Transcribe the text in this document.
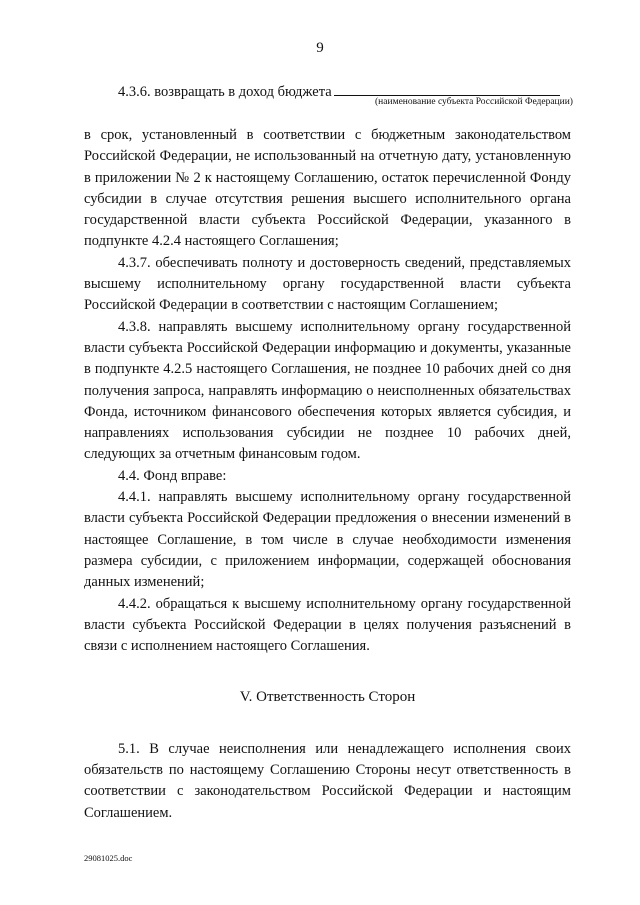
9
(наименование субъекта Российской Федерации)
4.3.6. возвращать в доход бюджета

в срок, установленный в соответствии с бюджетным законодательством Российской Федерации, не использованный на отчетную дату, установленную в приложении № 2 к настоящему Соглашению, остаток перечисленной Фонду субсидии в случае отсутствия решения высшего исполнительного органа государственной власти субъекта Российской Федерации, указанного в подпункте 4.2.4 настоящего Соглашения;

4.3.7. обеспечивать полноту и достоверность сведений, представляемых высшему исполнительному органу государственной власти субъекта Российской Федерации в соответствии с настоящим Соглашением;

4.3.8. направлять высшему исполнительному органу государственной власти субъекта Российской Федерации информацию и документы, указанные в подпункте 4.2.5 настоящего Соглашения, не позднее 10 рабочих дней со дня получения запроса, направлять информацию о неисполненных обязательствах Фонда, источником финансового обеспечения которых является субсидия, и направлениях использования субсидии не позднее 10 рабочих дней, следующих за отчетным финансовым годом.

4.4. Фонд вправе:

4.4.1. направлять высшему исполнительному органу государственной власти субъекта Российской Федерации предложения о внесении изменений в настоящее Соглашение, в том числе в случае необходимости изменения размера субсидии, с приложением информации, содержащей обоснования данных изменений;

4.4.2. обращаться к высшему исполнительному органу государственной власти субъекта Российской Федерации в целях получения разъяснений в связи с исполнением настоящего Соглашения.

V. Ответственность Сторон

5.1. В случае неисполнения или ненадлежащего исполнения своих обязательств по настоящему Соглашению Стороны несут ответственность в соответствии с законодательством Российской Федерации и настоящим Соглашением.

29081025.doc
